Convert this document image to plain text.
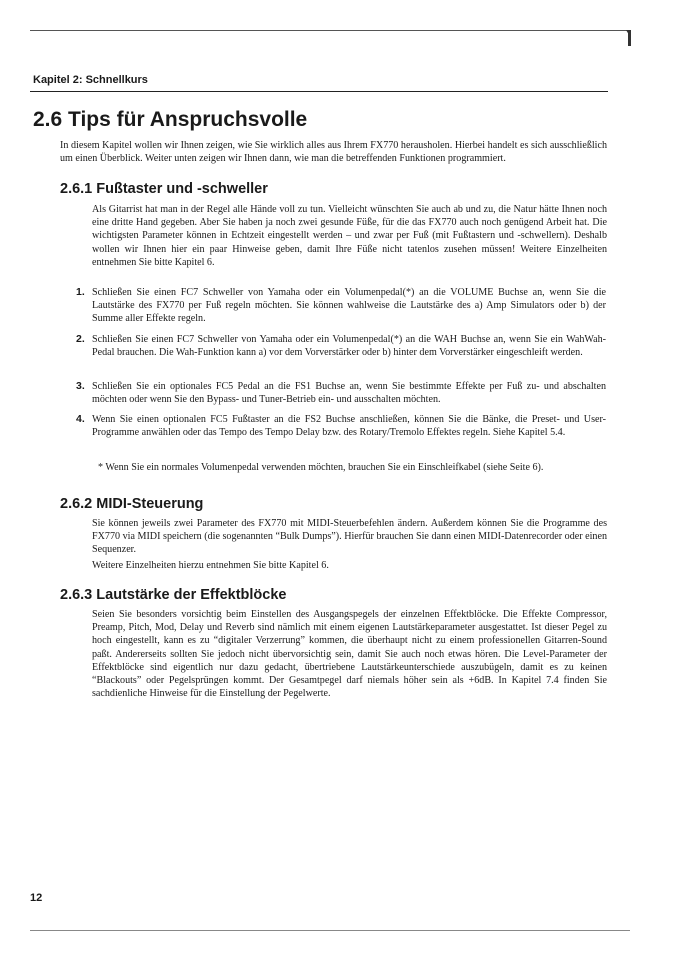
Kapitel 2: Schnellkurs
2.6 Tips für Anspruchsvolle

In diesem Kapitel wollen wir Ihnen zeigen, wie Sie wirklich alles aus Ihrem FX770 herausholen. Hierbei handelt es sich ausschließlich um einen Überblick. Weiter unten zeigen wir Ihnen dann, wie man die betreffenden Funktionen programmiert.

2.6.1 Fußtaster und -schweller

Als Gitarrist hat man in der Regel alle Hände voll zu tun. Vielleicht wünschten Sie auch ab und zu, die Natur hätte Ihnen noch eine dritte Hand gegeben. Aber Sie haben ja noch zwei gesunde Füße, für die das FX770 auch noch genügend Arbeit hat. Die wichtigsten Parameter können in Echtzeit eingestellt werden – und zwar per Fuß (mit Fußtastern und -schwellern). Deshalb wollen wir Ihnen hier ein paar Hinweise geben, damit Ihre Füße nicht tatenlos zusehen müssen! Weitere Einzelheiten entnehmen Sie bitte Kapitel 6.

1. Schließen Sie einen FC7 Schweller von Yamaha oder ein Volumenpedal(*) an die VOLUME Buchse an, wenn Sie die Lautstärke des FX770 per Fuß regeln möchten. Sie können wahlweise die Lautstärke des a) Amp Simulators oder b) der Summe aller Effekte regeln.

2. Schließen Sie einen FC7 Schweller von Yamaha oder ein Volumenpedal(*) an die WAH Buchse an, wenn Sie ein WahWah-Pedal brauchen. Die Wah-Funktion kann a) vor dem Vorverstärker oder b) hinter dem Vorverstärker eingeschleift werden.

3. Schließen Sie ein optionales FC5 Pedal an die FS1 Buchse an, wenn Sie bestimmte Effekte per Fuß zu- und abschalten möchten oder wenn Sie den Bypass- und Tuner-Betrieb ein- und ausschalten möchten.

4. Wenn Sie einen optionalen FC5 Fußtaster an die FS2 Buchse anschließen, können Sie die Bänke, die Preset- und User-Programme anwählen oder das Tempo des Tempo Delay bzw. des Rotary/Tremolo Effektes regeln. Siehe Kapitel 5.4.

* Wenn Sie ein normales Volumenpedal verwenden möchten, brauchen Sie ein Einschleifkabel (siehe Seite 6).
2.6.2 MIDI-Steuerung

Sie können jeweils zwei Parameter des FX770 mit MIDI-Steuerbefehlen ändern. Außerdem können Sie die Programme des FX770 via MIDI speichern (die sogenannten “Bulk Dumps”). Hierfür brauchen Sie dann einen MIDI-Datenrecorder oder einen Sequenzer.

Weitere Einzelheiten hierzu entnehmen Sie bitte Kapitel 6.

2.6.3 Lautstärke der Effektblöcke

Seien Sie besonders vorsichtig beim Einstellen des Ausgangspegels der einzelnen Effektblöcke. Die Effekte Compressor, Preamp, Pitch, Mod, Delay und Reverb sind nämlich mit einem eigenen Lautstärkeparameter ausgestattet. Ist dieser Pegel zu hoch eingestellt, kann es zu “digitaler Verzerrung” kommen, die überhaupt nicht zu einem professionellen Gitarren-Sound paßt. Andererseits sollten Sie jedoch nicht übervorsichtig sein, damit Sie auch noch etwas hören. Die Level-Parameter der Effektblöcke sind eigentlich nur dazu gedacht, übertriebene Lautstärkeunterschiede auszubügeln, damit es zu keinen “Blackouts” oder Pegelsprüngen kommt. Der Gesamtpegel darf niemals höher sein als +6dB. In Kapitel 7.4 finden Sie sachdienliche Hinweise für die Einstellung der Pegelwerte.

12
